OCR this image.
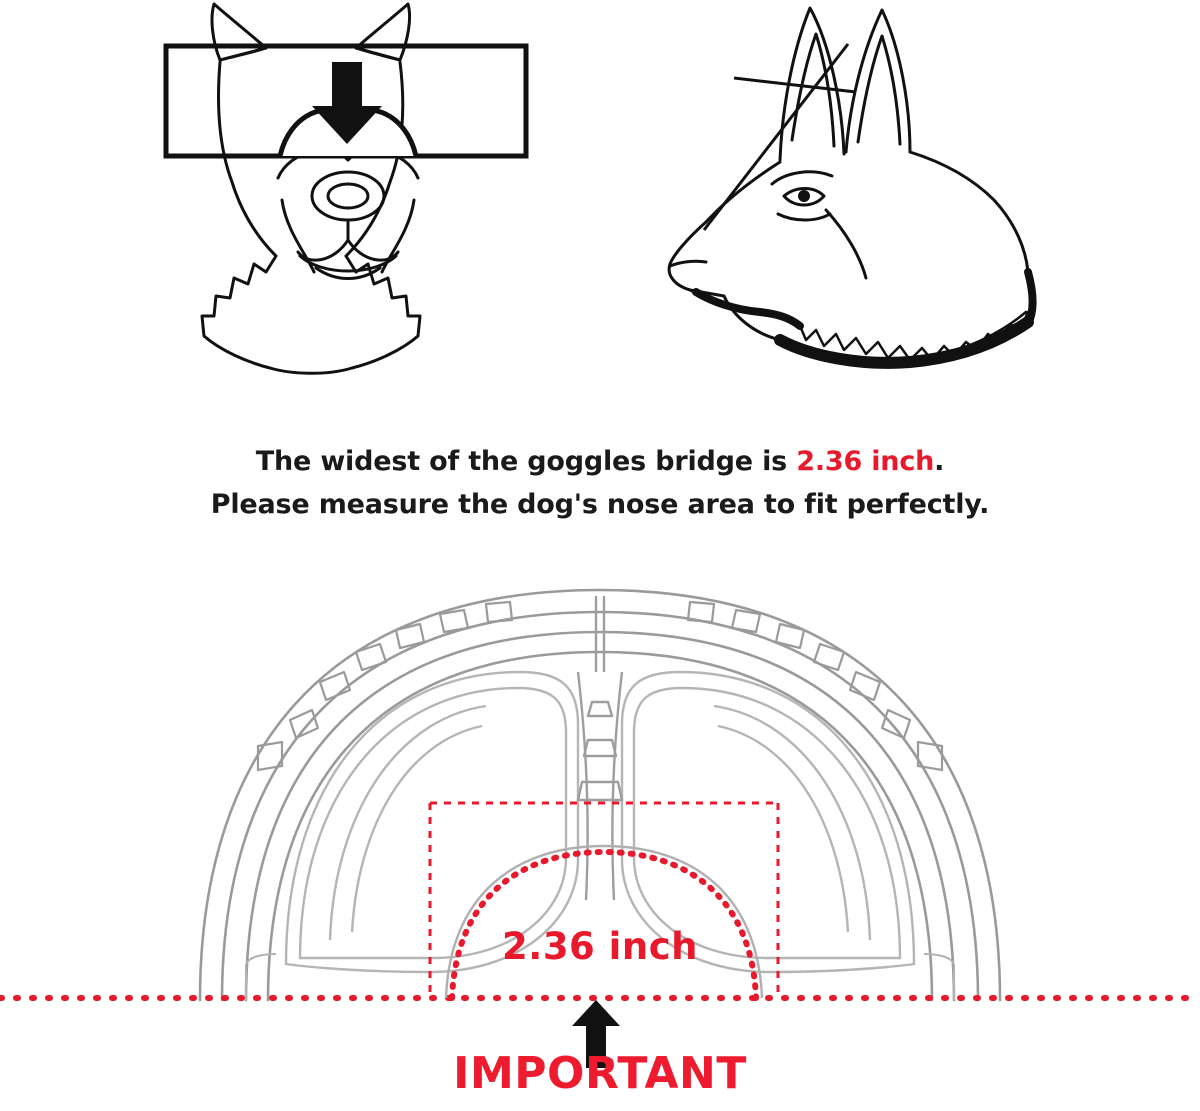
The widest of the goggles bridge is 2.36 inch.
Please measure the dog's nose area to fit perfectly.
2.36 inch
IMPORTANT
